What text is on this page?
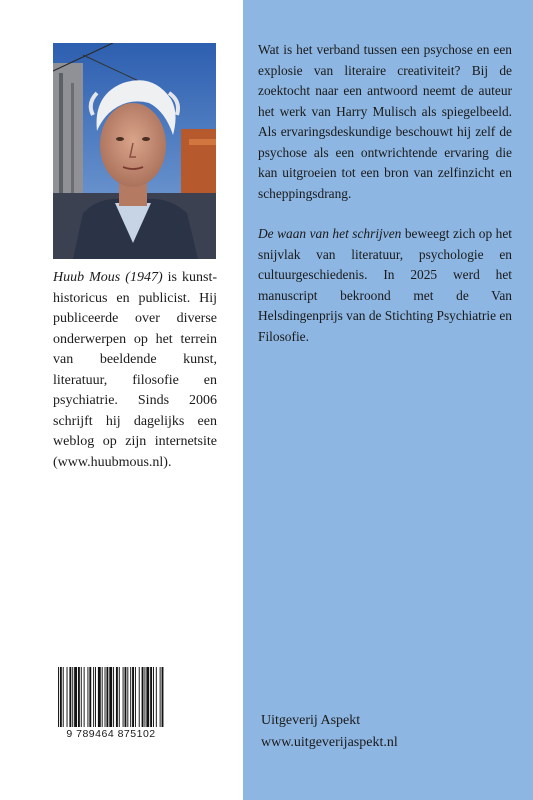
Huub Mous (1947) is kunst-historicus en publicist. Hij publiceerde over diverse onderwerpen op het terrein van beeldende kunst, literatuur, filosofie en psychiatrie. Sinds 2006 schrijft hij dagelijks een weblog op zijn internetsite (www.huubmous.nl).

Wat is het verband tussen een psychose en een explosie van literaire creativiteit? Bij de zoektocht naar een antwoord neemt de auteur het werk van Harry Mulisch als spiegelbeeld. Als ervaringsdeskundige beschouwt hij zelf de psychose als een ontwrichtende ervaring die kan uitgroeien tot een bron van zelfinzicht en scheppingsdrang.

De waan van het schrijven beweegt zich op het snijvlak van literatuur, psychologie en cultuurgeschiedenis. In 2025 werd het manuscript bekroond met de Van Helsdingenprijs van de Stichting Psychiatrie en Filosofie.

9 789464 875102
Uitgeverij Aspekt
www.uitgeverijaspekt.nl
